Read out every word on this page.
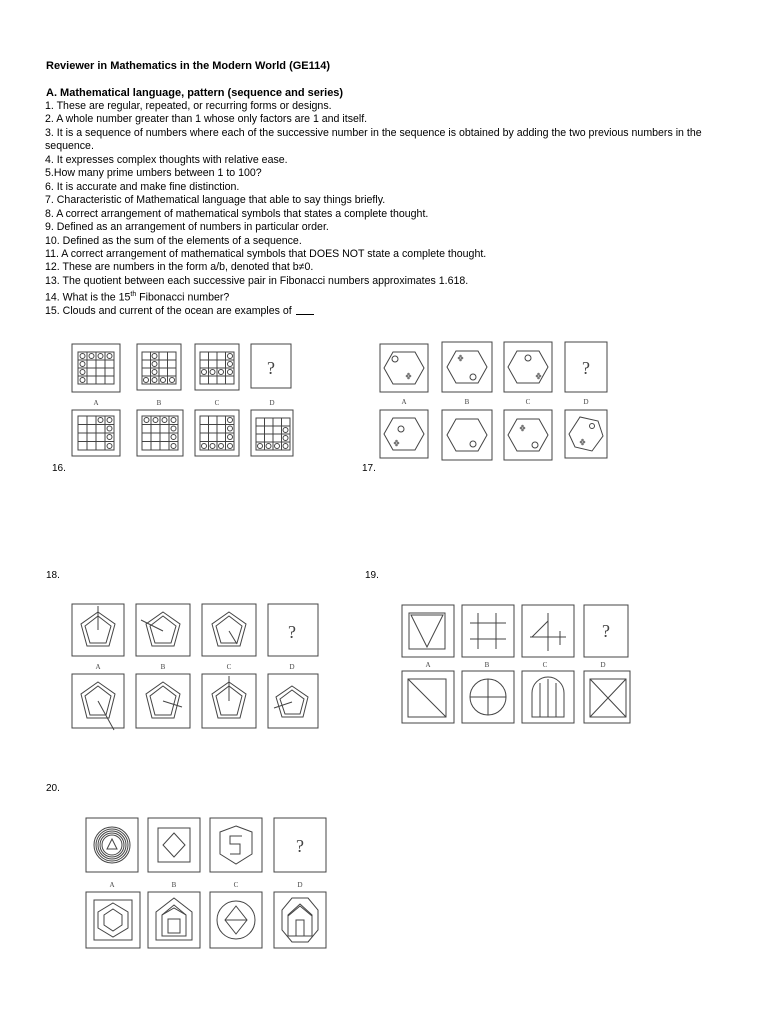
Reviewer in Mathematics in the Modern World (GE114)
A. Mathematical language, pattern (sequence and series)
1. These are regular, repeated, or recurring forms or designs.
2. A whole number greater than 1 whose only factors are 1 and itself.
3. It is a sequence of numbers where each of the successive number in the sequence is obtained by adding the two previous numbers in the sequence.
4. It expresses complex thoughts with relative ease.
5.How many prime umbers between 1 to 100?
6. It is accurate and make fine distinction.
7. Characteristic of Mathematical language that able to say things briefly.
8. A correct arrangement of mathematical symbols that states a complete thought.
9. Defined as an arrangement of numbers in particular order.
10. Defined as the sum of the elements of a sequence.
11. A correct arrangement of mathematical symbols that DOES NOT state a complete thought.
12. These are numbers in the form a/b, denoted that b≠0.
13. The quotient between each successive pair in Fibonacci numbers approximates 1.618.
14. What is the 15th Fibonacci number?
15. Clouds and current of the ocean are examples of
?
A	B	C	D
16.
?
A	B	C	D
17.
18.	19.
?
A	B	C	D
?
A	B	C	D
20.
?
A	B	C	D
